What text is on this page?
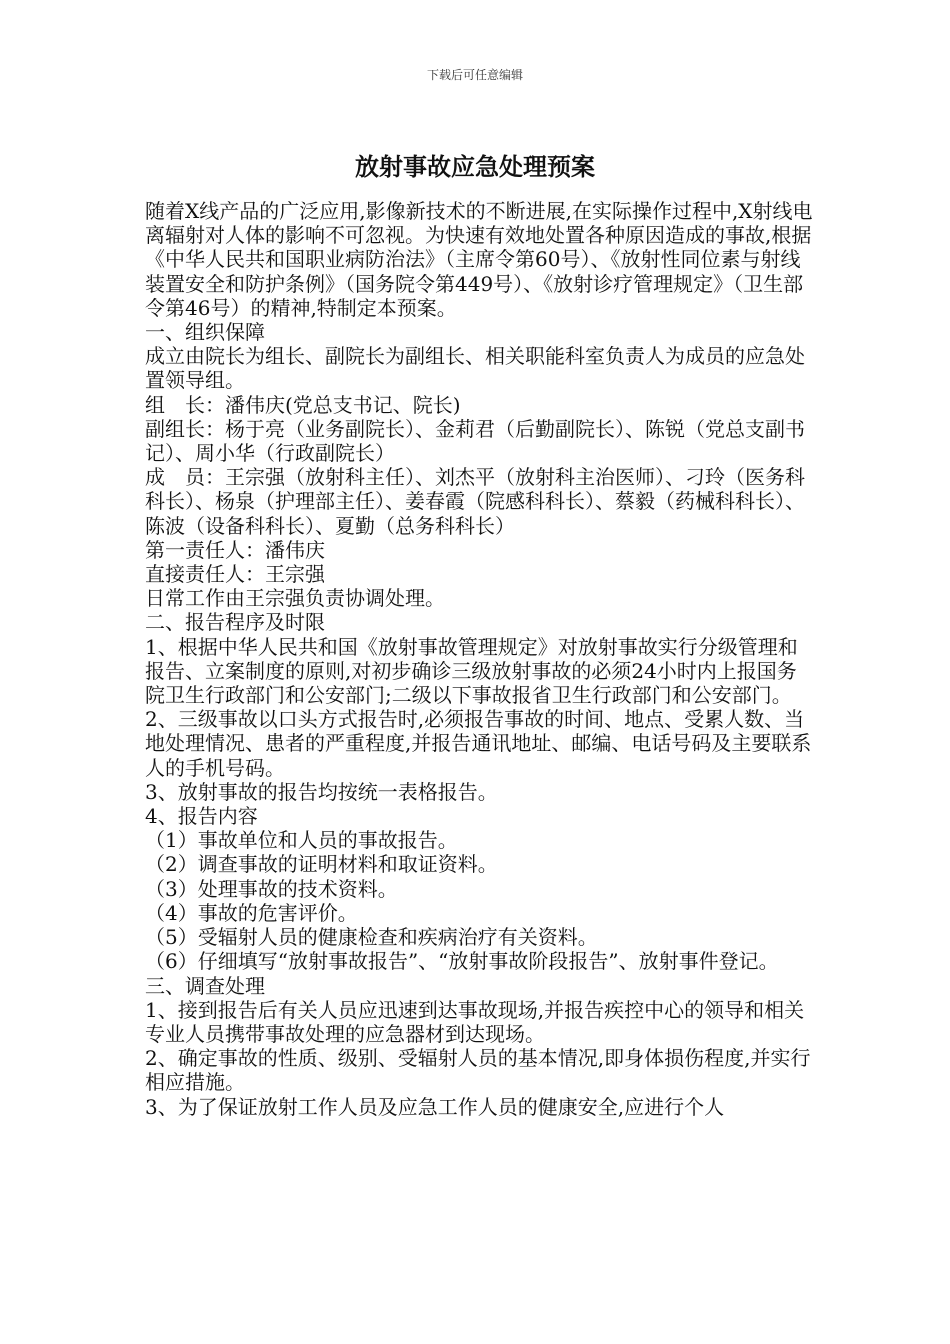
下载后可任意编辑
放射事故应急处理预案

随着X线产品的广泛应用,影像新技术的不断进展,在实际操作过程中,X射线电离辐射对人体的影响不可忽视。为快速有效地处置各种原因造成的事故,根据《中华人民共和国职业病防治法》（主席令第60号）、《放射性同位素与射线装置安全和防护条例》（国务院令第449号）、《放射诊疗管理规定》（卫生部令第46号）的精神,特制定本预案。

一、组织保障

成立由院长为组长、副院长为副组长、相关职能科室负责人为成员的应急处置领导组。

组　长：潘伟庆(党总支书记、院长)

副组长：杨于亮（业务副院长）、金莉君（后勤副院长）、陈锐（党总支副书记）、周小华（行政副院长）

成　员：王宗强（放射科主任）、刘杰平（放射科主治医师）、刁玲（医务科科长）、杨泉（护理部主任）、姜春霞（院感科科长）、蔡毅（药械科科长）、陈波（设备科科长）、夏勤（总务科科长）

第一责任人：潘伟庆

直接责任人：王宗强

日常工作由王宗强负责协调处理。

二、报告程序及时限

1、根据中华人民共和国《放射事故管理规定》对放射事故实行分级管理和报告、立案制度的原则,对初步确诊三级放射事故的必须24小时内上报国务院卫生行政部门和公安部门;二级以下事故报省卫生行政部门和公安部门。

2、三级事故以口头方式报告时,必须报告事故的时间、地点、受累人数、当地处理情况、患者的严重程度,并报告通讯地址、邮编、电话号码及主要联系人的手机号码。

3、放射事故的报告均按统一表格报告。

4、报告内容

（1）事故单位和人员的事故报告。

（2）调查事故的证明材料和取证资料。

（3）处理事故的技术资料。

（4）事故的危害评价。

（5）受辐射人员的健康检查和疾病治疗有关资料。

（6）仔细填写“放射事故报告”、“放射事故阶段报告”、放射事件登记。

三、调查处理

1、接到报告后有关人员应迅速到达事故现场,并报告疾控中心的领导和相关专业人员携带事故处理的应急器材到达现场。

2、确定事故的性质、级别、受辐射人员的基本情况,即身体损伤程度,并实行相应措施。

3、为了保证放射工作人员及应急工作人员的健康安全,应进行个人
